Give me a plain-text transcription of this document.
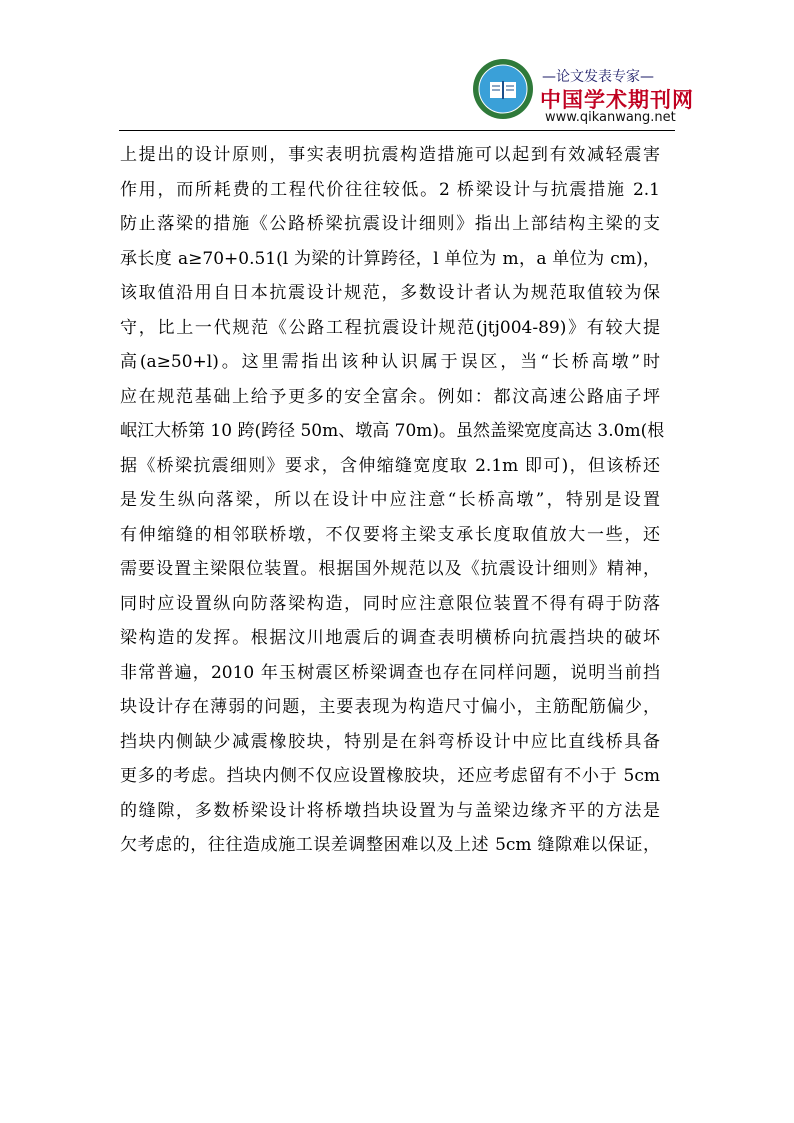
—论文发表专家—
中国学术期刊网
www.qikanwang.net
上提出的设计原则，事实表明抗震构造措施可以起到有效减轻震害
作用，而所耗费的工程代价往往较低。2 桥梁设计与抗震措施 2.1
防止落梁的措施《公路桥梁抗震设计细则》指出上部结构主梁的支
承长度 a≥70+0.51(l 为梁的计算跨径，l 单位为 m，a 单位为 cm)，
该取值沿用自日本抗震设计规范，多数设计者认为规范取值较为保
守，比上一代规范《公路工程抗震设计规范(jtj004-89)》有较大提
高(a≥50+l)。这里需指出该种认识属于误区，当“长桥高墩”时
应在规范基础上给予更多的安全富余。例如：都汶高速公路庙子坪
岷江大桥第 10 跨(跨径 50m、墩高 70m)。虽然盖梁宽度高达 3.0m(根
据《桥梁抗震细则》要求，含伸缩缝宽度取 2.1m 即可)，但该桥还
是发生纵向落梁，所以在设计中应注意“长桥高墩”，特别是设置
有伸缩缝的相邻联桥墩，不仅要将主梁支承长度取值放大一些，还
需要设置主梁限位装置。根据国外规范以及《抗震设计细则》精神，
同时应设置纵向防落梁构造，同时应注意限位装置不得有碍于防落
梁构造的发挥。根据汶川地震后的调查表明横桥向抗震挡块的破坏
非常普遍，2010 年玉树震区桥梁调查也存在同样问题，说明当前挡
块设计存在薄弱的问题，主要表现为构造尺寸偏小，主筋配筋偏少，
挡块内侧缺少减震橡胶块，特别是在斜弯桥设计中应比直线桥具备
更多的考虑。挡块内侧不仅应设置橡胶块，还应考虑留有不小于 5cm
的缝隙，多数桥梁设计将桥墩挡块设置为与盖梁边缘齐平的方法是
欠考虑的，往往造成施工误差调整困难以及上述 5cm 缝隙难以保证，
